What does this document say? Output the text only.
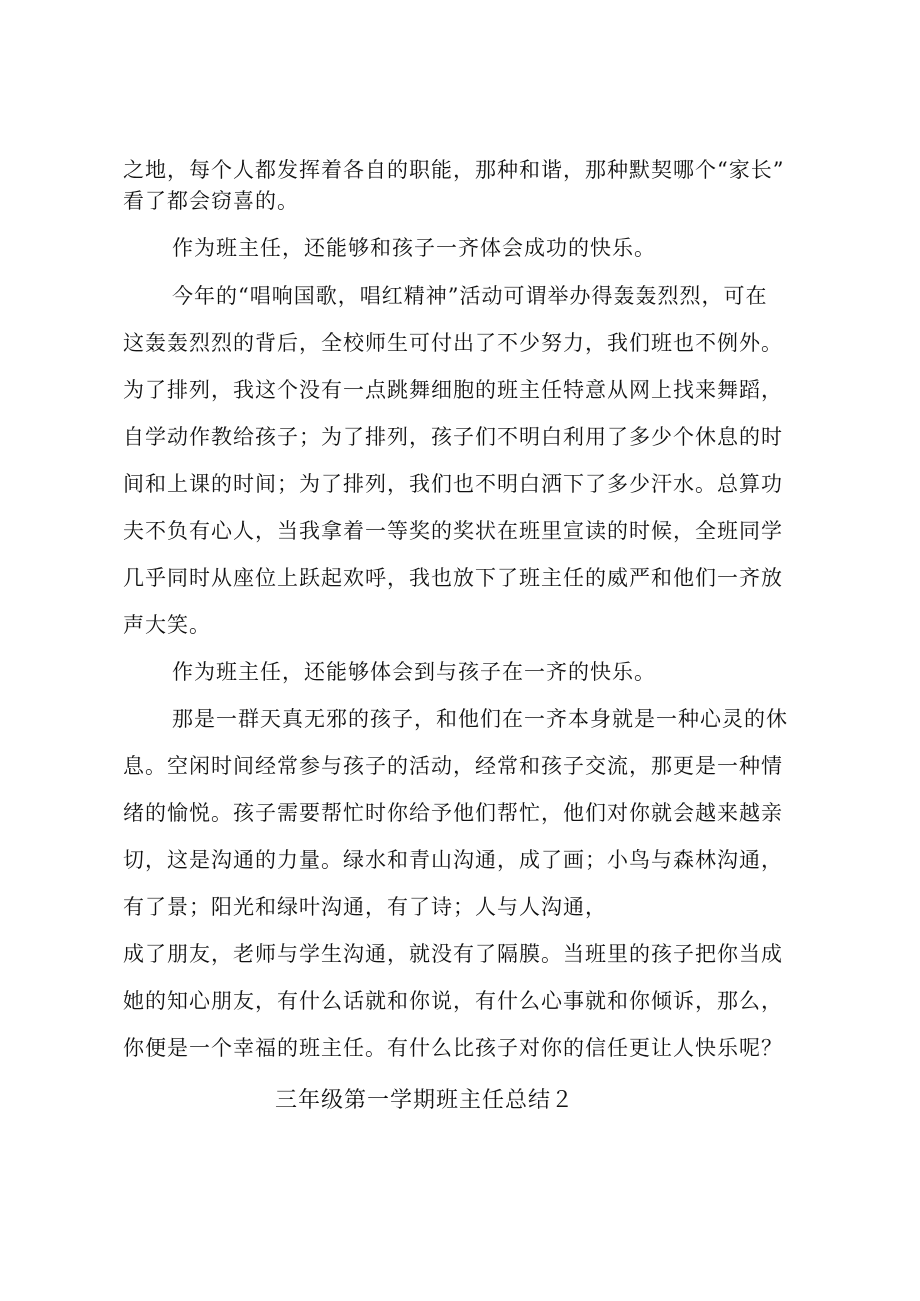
之地，每个人都发挥着各自的职能，那种和谐，那种默契哪个“家长”
看了都会窃喜的。
作为班主任，还能够和孩子一齐体会成功的快乐。
今年的“唱响国歌，唱红精神”活动可谓举办得轰轰烈烈，可在
这轰轰烈烈的背后，全校师生可付出了不少努力，我们班也不例外。
为了排列，我这个没有一点跳舞细胞的班主任特意从网上找来舞蹈，
自学动作教给孩子；为了排列，孩子们不明白利用了多少个休息的时
间和上课的时间；为了排列，我们也不明白洒下了多少汗水。总算功
夫不负有心人，当我拿着一等奖的奖状在班里宣读的时候，全班同学
几乎同时从座位上跃起欢呼，我也放下了班主任的威严和他们一齐放
声大笑。
作为班主任，还能够体会到与孩子在一齐的快乐。
那是一群天真无邪的孩子，和他们在一齐本身就是一种心灵的休
息。空闲时间经常参与孩子的活动，经常和孩子交流，那更是一种情
绪的愉悦。孩子需要帮忙时你给予他们帮忙，他们对你就会越来越亲
切，这是沟通的力量。绿水和青山沟通，成了画；小鸟与森林沟通，
有了景；阳光和绿叶沟通，有了诗；人与人沟通，
成了朋友，老师与学生沟通，就没有了隔膜。当班里的孩子把你当成
她的知心朋友，有什么话就和你说，有什么心事就和你倾诉，那么，
你便是一个幸福的班主任。有什么比孩子对你的信任更让人快乐呢？
三年级第一学期班主任总结２
